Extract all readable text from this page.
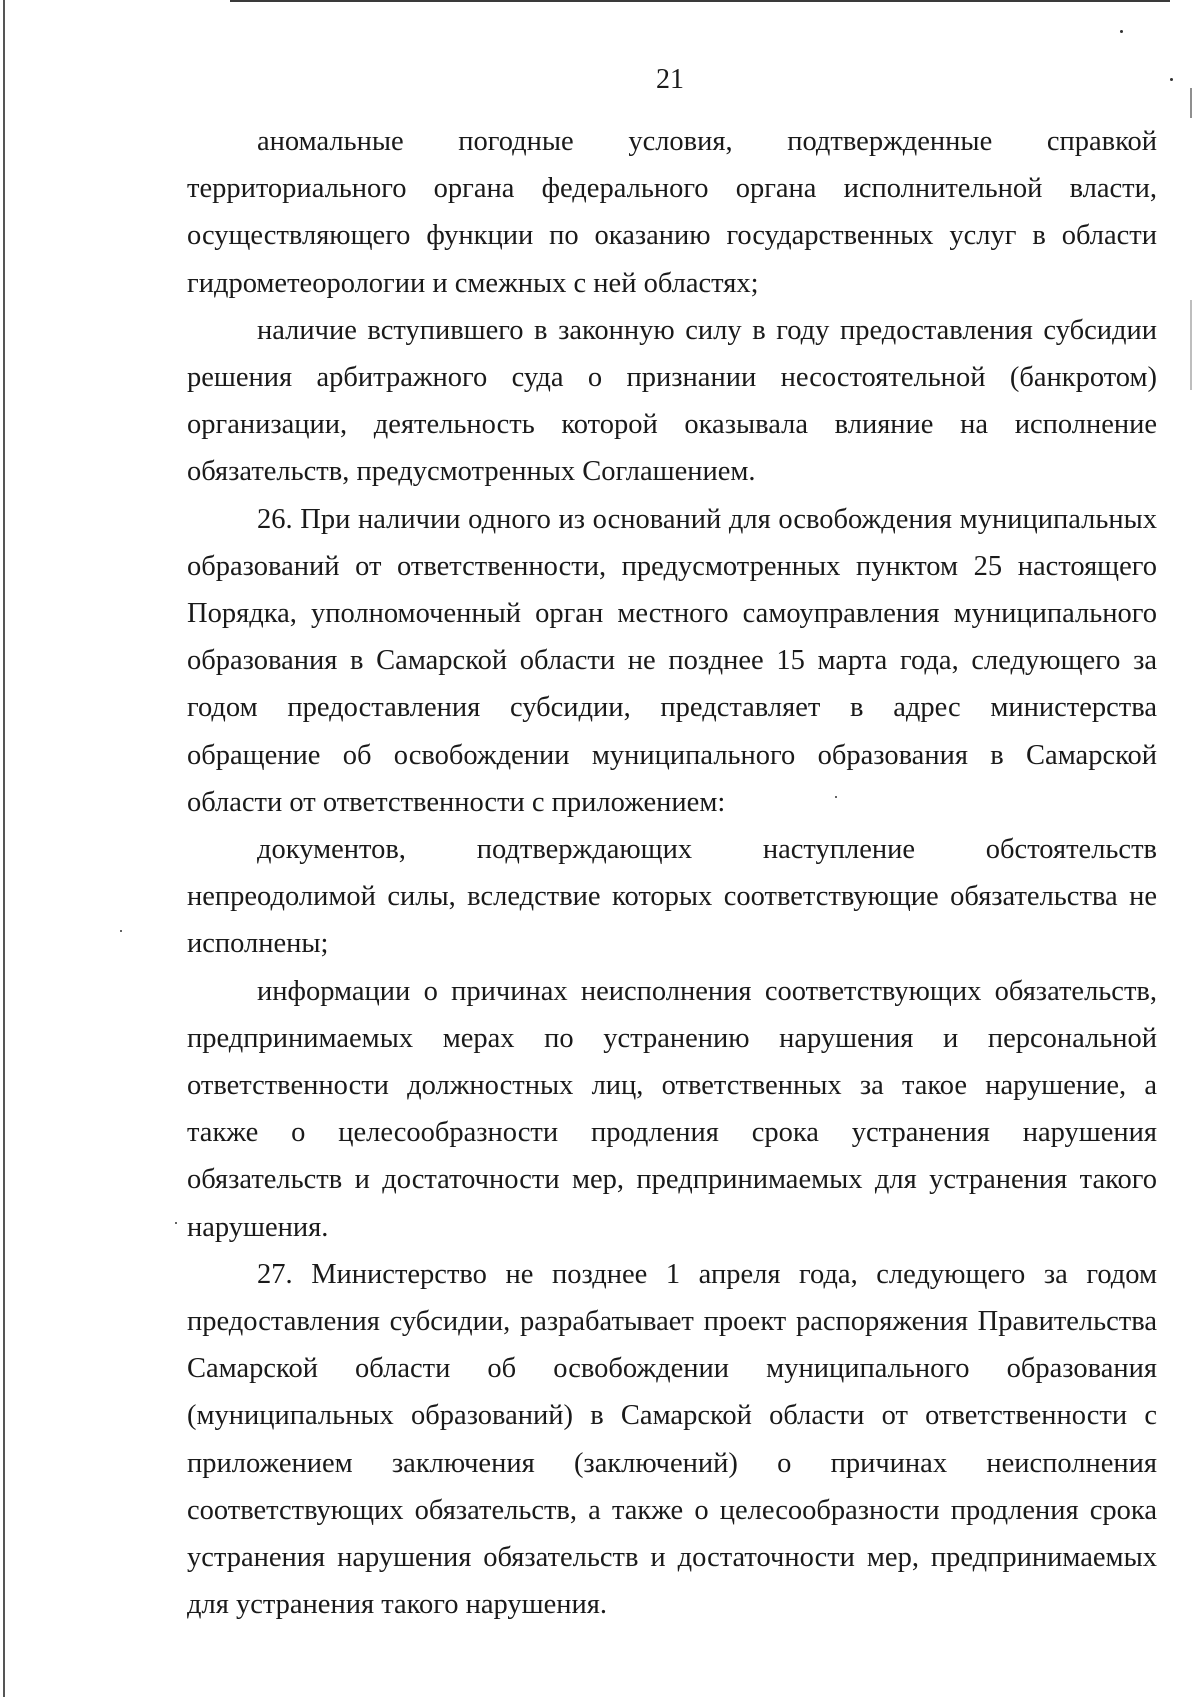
21

аномальные погодные условия, подтвержденные справкой территориального органа федерального органа исполнительной власти, осуществляющего функции по оказанию государственных услуг в области гидрометеорологии и смежных с ней областях;

наличие вступившего в законную силу в году предоставления субсидии решения арбитражного суда о признании несостоятельной (банкротом) организации, деятельность которой оказывала влияние на исполнение обязательств, предусмотренных Соглашением.

26. При наличии одного из оснований для освобождения муниципальных образований от ответственности, предусмотренных пунктом 25 настоящего Порядка, уполномоченный орган местного самоуправления муниципального образования в Самарской области не позднее 15 марта года, следующего за годом предоставления субсидии, представляет в адрес министерства обращение об освобождении муниципального образования в Самарской области от ответственности с приложением:

документов, подтверждающих наступление обстоятельств непреодолимой силы, вследствие которых соответствующие обязательства не исполнены;

информации о причинах неисполнения соответствующих обязательств, предпринимаемых мерах по устранению нарушения и персональной ответственности должностных лиц, ответственных за такое нарушение, а также о целесообразности продления срока устранения нарушения обязательств и достаточности мер, предпринимаемых для устранения такого нарушения.

27. Министерство не позднее 1 апреля года, следующего за годом предоставления субсидии, разрабатывает проект распоряжения Правительства Самарской области об освобождении муниципального образования (муниципальных образований) в Самарской области от ответственности с приложением заключения (заключений) о причинах неисполнения соответствующих обязательств, а также о целесообразности продления срока устранения нарушения обязательств и достаточности мер, предпринимаемых для устранения такого нарушения.
